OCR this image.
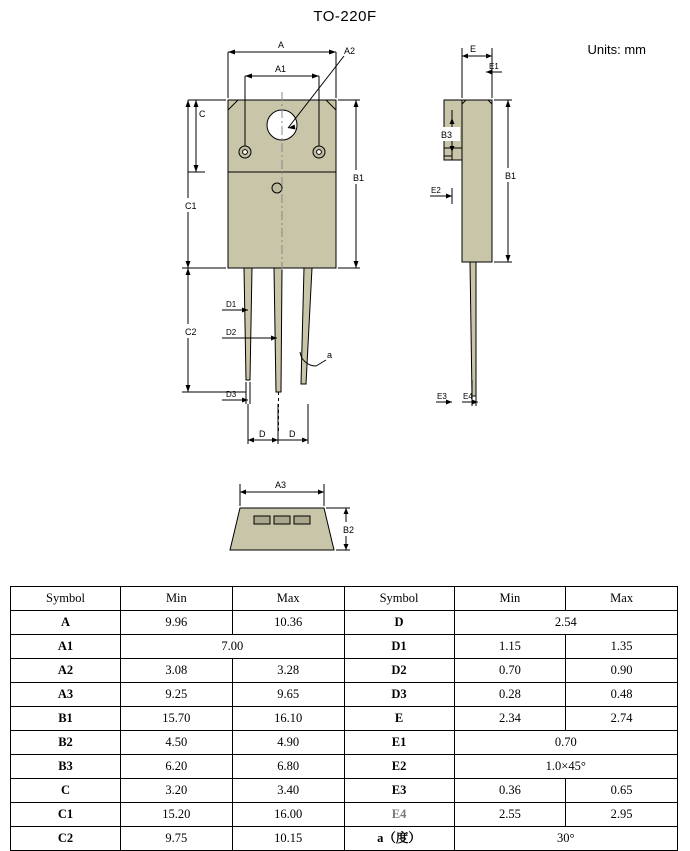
TO-220F
Units: mm
a
A
A1
A2
C
C1
C2
B1
D1
D2
D3
D	D
E
E1
B3
E2
B1
E3 E4
A3
B2
Symbol	Min	Max	Symbol	Min	Max
A	9.96	10.36	D	2.54	
A1	7.00		D1	1.15	1.35
A2	3.08	3.28	D2	0.70	0.90
A3	9.25	9.65	D3	0.28	0.48
B1	15.70	16.10	E	2.34	2.74
B2	4.50	4.90	E1	0.70	
B3	6.20	6.80	E2	1.0×45°	
C	3.20	3.40	E3	0.36	0.65
C1	15.20	16.00	E4	2.55	2.95
C2	9.75	10.15	a（度）	30°	
